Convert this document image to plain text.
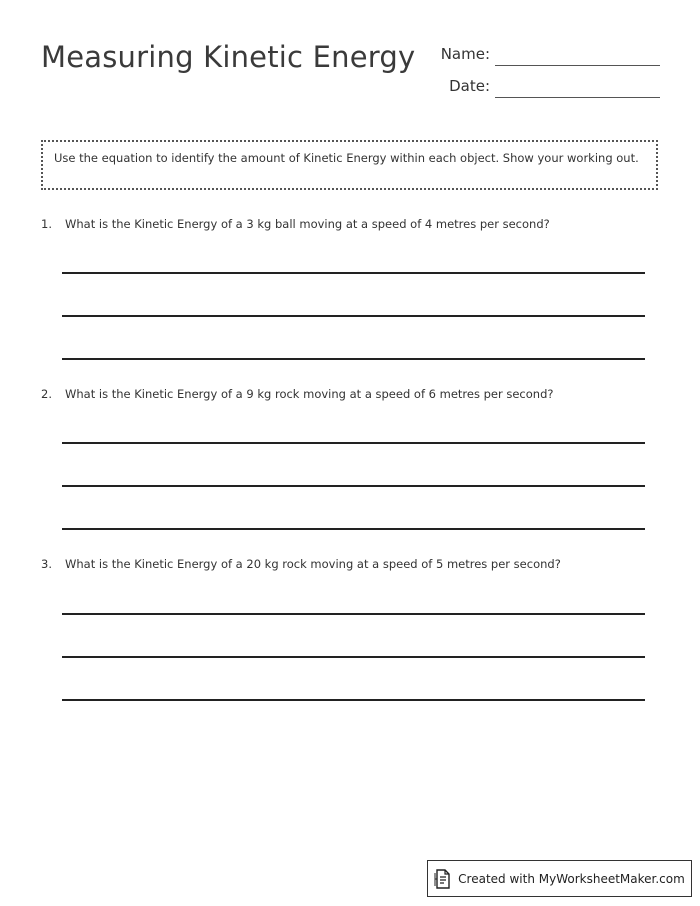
Measuring Kinetic Energy Name:
Date:
Use the equation to identify the amount of Kinetic Energy within each object. Show your working out.
1. What is the Kinetic Energy of a 3 kg ball moving at a speed of 4 metres per second?
2. What is the Kinetic Energy of a 9 kg rock moving at a speed of 6 metres per second?
3. What is the Kinetic Energy of a 20 kg rock moving at a speed of 5 metres per second?
Created with MyWorksheetMaker.com
